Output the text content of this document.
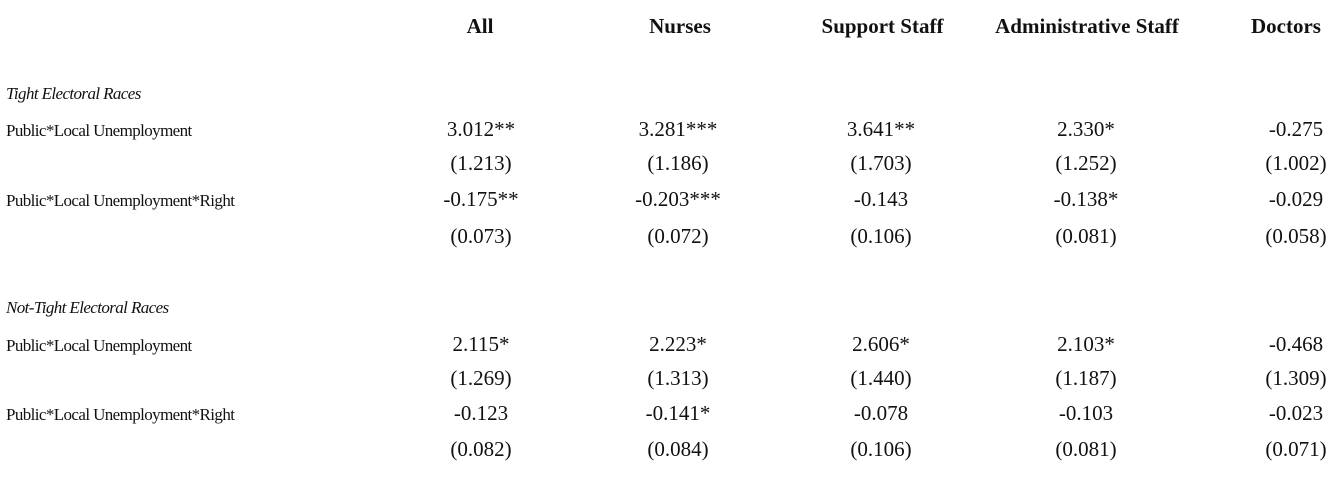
All	Nurses	Support Staff	Administrative Staff	Doctors
Tight Electoral Races
Public*Local Unemployment	3.012**	3.281***	3.641**	2.330*	-0.275
(1.213)	(1.186)	(1.703)	(1.252)	(1.002)
Public*Local Unemployment*Right	-0.175**	-0.203***	-0.143	-0.138*	-0.029
(0.073)	(0.072)	(0.106)	(0.081)	(0.058)
Not-Tight Electoral Races
Public*Local Unemployment	2.115*	2.223*	2.606*	2.103*	-0.468
(1.269)	(1.313)	(1.440)	(1.187)	(1.309)
Public*Local Unemployment*Right	-0.123	-0.141*	-0.078	-0.103	-0.023
(0.082)	(0.084)	(0.106)	(0.081)	(0.071)
